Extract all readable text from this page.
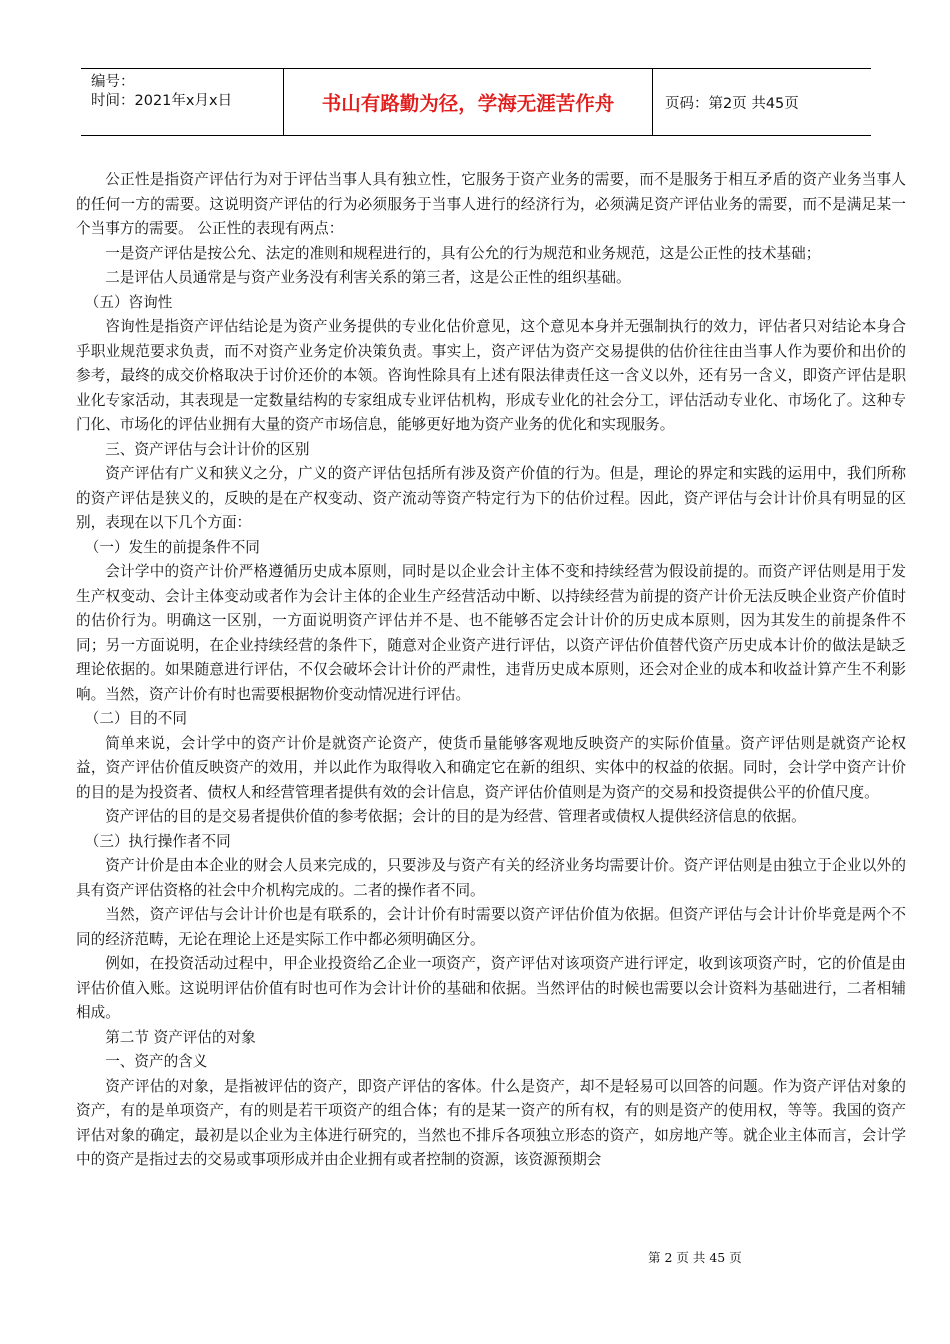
编号：
时间：2021年x月x日	书山有路勤为径，学海无涯苦作舟	页码：第2页 共45页

公正性是指资产评估行为对于评估当事人具有独立性，它服务于资产业务的需要，而不是服务于相互矛盾的资产业务当事人的任何一方的需要。这说明资产评估的行为必须服务于当事人进行的经济行为，必须满足资产评估业务的需要，而不是满足某一个当事方的需要。 公正性的表现有两点：

一是资产评估是按公允、法定的准则和规程进行的，具有公允的行为规范和业务规范，这是公正性的技术基础；

二是评估人员通常是与资产业务没有利害关系的第三者，这是公正性的组织基础。

（五）咨询性

咨询性是指资产评估结论是为资产业务提供的专业化估价意见，这个意见本身并无强制执行的效力，评估者只对结论本身合乎职业规范要求负责，而不对资产业务定价决策负责。事实上，资产评估为资产交易提供的估价往往由当事人作为要价和出价的参考，最终的成交价格取决于讨价还价的本领。咨询性除具有上述有限法律责任这一含义以外，还有另一含义，即资产评估是职业化专家活动，其表现是一定数量结构的专家组成专业评估机构，形成专业化的社会分工，评估活动专业化、市场化了。这种专门化、市场化的评估业拥有大量的资产市场信息，能够更好地为资产业务的优化和实现服务。

三、资产评估与会计计价的区别

资产评估有广义和狭义之分，广义的资产评估包括所有涉及资产价值的行为。但是，理论的界定和实践的运用中，我们所称的资产评估是狭义的，反映的是在产权变动、资产流动等资产特定行为下的估价过程。因此，资产评估与会计计价具有明显的区别，表现在以下几个方面：

（一）发生的前提条件不同

会计学中的资产计价严格遵循历史成本原则，同时是以企业会计主体不变和持续经营为假设前提的。而资产评估则是用于发生产权变动、会计主体变动或者作为会计主体的企业生产经营活动中断、以持续经营为前提的资产计价无法反映企业资产价值时的估价行为。明确这一区别，一方面说明资产评估并不是、也不能够否定会计计价的历史成本原则，因为其发生的前提条件不同；另一方面说明，在企业持续经营的条件下，随意对企业资产进行评估，以资产评估价值替代资产历史成本计价的做法是缺乏理论依据的。如果随意进行评估，不仅会破坏会计计价的严肃性，违背历史成本原则，还会对企业的成本和收益计算产生不利影响。当然，资产计价有时也需要根据物价变动情况进行评估。

（二）目的不同

简单来说，会计学中的资产计价是就资产论资产，使货币量能够客观地反映资产的实际价值量。资产评估则是就资产论权益，资产评估价值反映资产的效用，并以此作为取得收入和确定它在新的组织、实体中的权益的依据。同时，会计学中资产计价的目的是为投资者、债权人和经营管理者提供有效的会计信息，资产评估价值则是为资产的交易和投资提供公平的价值尺度。

资产评估的目的是交易者提供价值的参考依据；会计的目的是为经营、管理者或债权人提供经济信息的依据。

（三）执行操作者不同

资产计价是由本企业的财会人员来完成的，只要涉及与资产有关的经济业务均需要计价。资产评估则是由独立于企业以外的具有资产评估资格的社会中介机构完成的。二者的操作者不同。

当然，资产评估与会计计价也是有联系的，会计计价有时需要以资产评估价值为依据。但资产评估与会计计价毕竟是两个不同的经济范畴，无论在理论上还是实际工作中都必须明确区分。

例如，在投资活动过程中，甲企业投资给乙企业一项资产，资产评估对该项资产进行评定，收到该项资产时，它的价值是由评估价值入账。这说明评估价值有时也可作为会计计价的基础和依据。当然评估的时候也需要以会计资料为基础进行，二者相辅相成。

第二节 资产评估的对象

一、资产的含义

资产评估的对象，是指被评估的资产，即资产评估的客体。什么是资产，却不是轻易可以回答的问题。作为资产评估对象的资产，有的是单项资产，有的则是若干项资产的组合体；有的是某一资产的所有权，有的则是资产的使用权，等等。我国的资产评估对象的确定，最初是以企业为主体进行研究的，当然也不排斥各项独立形态的资产，如房地产等。就企业主体而言，会计学中的资产是指过去的交易或事项形成并由企业拥有或者控制的资源，该资源预期会

第 2 页 共 45 页
